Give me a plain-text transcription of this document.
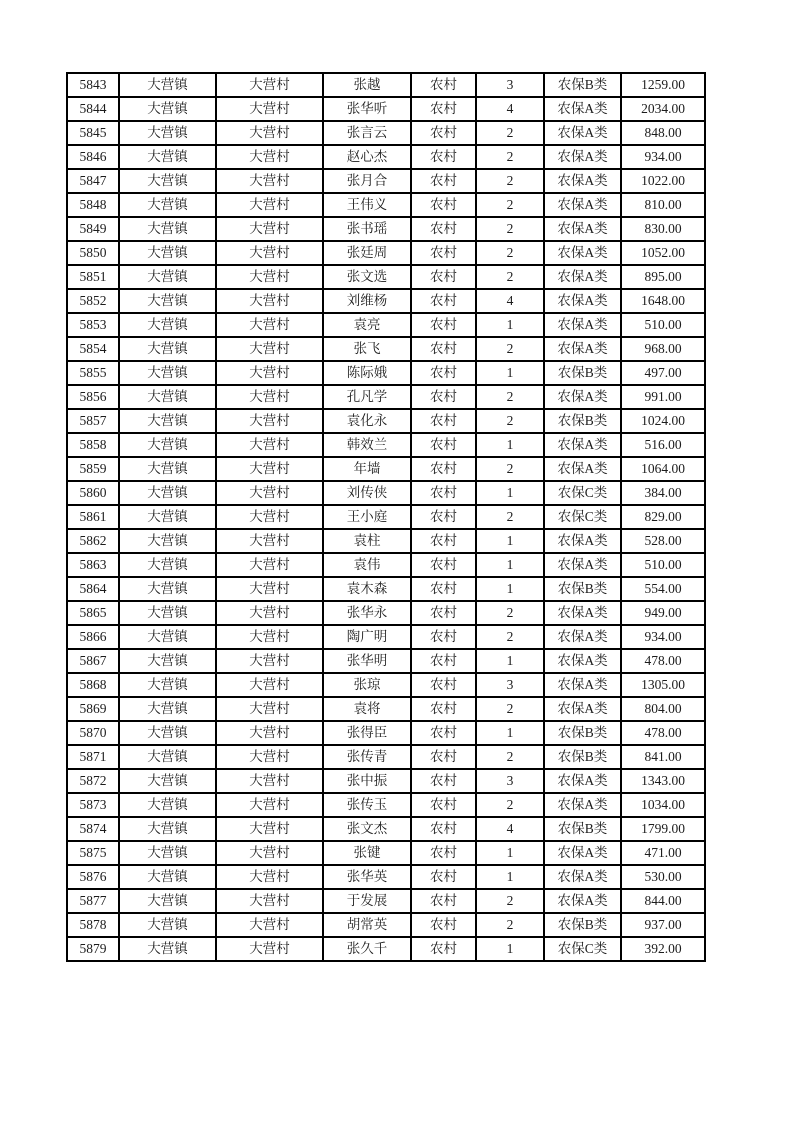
5843	大营镇	大营村	张越	农村	3	农保B类	1259.00
5844	大营镇	大营村	张华听	农村	4	农保A类	2034.00
5845	大营镇	大营村	张言云	农村	2	农保A类	848.00
5846	大营镇	大营村	赵心杰	农村	2	农保A类	934.00
5847	大营镇	大营村	张月合	农村	2	农保A类	1022.00
5848	大营镇	大营村	王伟义	农村	2	农保A类	810.00
5849	大营镇	大营村	张书瑶	农村	2	农保A类	830.00
5850	大营镇	大营村	张廷周	农村	2	农保A类	1052.00
5851	大营镇	大营村	张文选	农村	2	农保A类	895.00
5852	大营镇	大营村	刘维杨	农村	4	农保A类	1648.00
5853	大营镇	大营村	袁亮	农村	1	农保A类	510.00
5854	大营镇	大营村	张飞	农村	2	农保A类	968.00
5855	大营镇	大营村	陈际娥	农村	1	农保B类	497.00
5856	大营镇	大营村	孔凡学	农村	2	农保A类	991.00
5857	大营镇	大营村	袁化永	农村	2	农保B类	1024.00
5858	大营镇	大营村	韩效兰	农村	1	农保A类	516.00
5859	大营镇	大营村	年墙	农村	2	农保A类	1064.00
5860	大营镇	大营村	刘传侠	农村	1	农保C类	384.00
5861	大营镇	大营村	王小庭	农村	2	农保C类	829.00
5862	大营镇	大营村	袁柱	农村	1	农保A类	528.00
5863	大营镇	大营村	袁伟	农村	1	农保A类	510.00
5864	大营镇	大营村	袁木森	农村	1	农保B类	554.00
5865	大营镇	大营村	张华永	农村	2	农保A类	949.00
5866	大营镇	大营村	陶广明	农村	2	农保A类	934.00
5867	大营镇	大营村	张华明	农村	1	农保A类	478.00
5868	大营镇	大营村	张琼	农村	3	农保A类	1305.00
5869	大营镇	大营村	袁将	农村	2	农保A类	804.00
5870	大营镇	大营村	张得臣	农村	1	农保B类	478.00
5871	大营镇	大营村	张传青	农村	2	农保B类	841.00
5872	大营镇	大营村	张中振	农村	3	农保A类	1343.00
5873	大营镇	大营村	张传玉	农村	2	农保A类	1034.00
5874	大营镇	大营村	张文杰	农村	4	农保B类	1799.00
5875	大营镇	大营村	张键	农村	1	农保A类	471.00
5876	大营镇	大营村	张华英	农村	1	农保A类	530.00
5877	大营镇	大营村	于发展	农村	2	农保A类	844.00
5878	大营镇	大营村	胡常英	农村	2	农保B类	937.00
5879	大营镇	大营村	张久千	农村	1	农保C类	392.00
